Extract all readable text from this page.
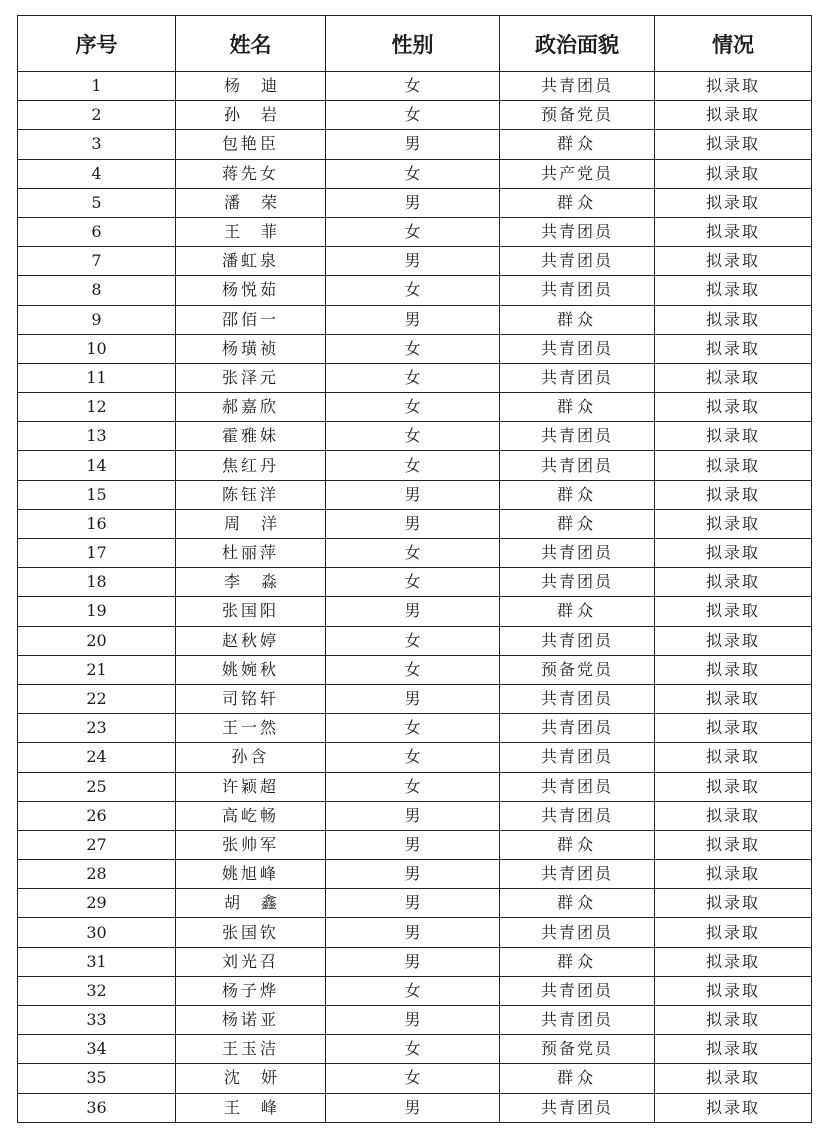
序号	姓名	性别	政治面貌	情况
1	杨迪	女	共青团员	拟录取
2	孙岩	女	预备党员	拟录取
3	包艳臣	男	群众	拟录取
4	蒋先女	女	共产党员	拟录取
5	潘荣	男	群众	拟录取
6	王菲	女	共青团员	拟录取
7	潘虹泉	男	共青团员	拟录取
8	杨悦茹	女	共青团员	拟录取
9	邵佰一	男	群众	拟录取
10	杨璜祯	女	共青团员	拟录取
11	张泽元	女	共青团员	拟录取
12	郝嘉欣	女	群众	拟录取
13	霍雅妹	女	共青团员	拟录取
14	焦红丹	女	共青团员	拟录取
15	陈钰洋	男	群众	拟录取
16	周洋	男	群众	拟录取
17	杜丽萍	女	共青团员	拟录取
18	李淼	女	共青团员	拟录取
19	张国阳	男	群众	拟录取
20	赵秋婷	女	共青团员	拟录取
21	姚婉秋	女	预备党员	拟录取
22	司铭轩	男	共青团员	拟录取
23	王一然	女	共青团员	拟录取
24	孙含	女	共青团员	拟录取
25	许颖超	女	共青团员	拟录取
26	高屹畅	男	共青团员	拟录取
27	张帅军	男	群众	拟录取
28	姚旭峰	男	共青团员	拟录取
29	胡鑫	男	群众	拟录取
30	张国钦	男	共青团员	拟录取
31	刘光召	男	群众	拟录取
32	杨子烨	女	共青团员	拟录取
33	杨诺亚	男	共青团员	拟录取
34	王玉洁	女	预备党员	拟录取
35	沈妍	女	群众	拟录取
36	王峰	男	共青团员	拟录取
